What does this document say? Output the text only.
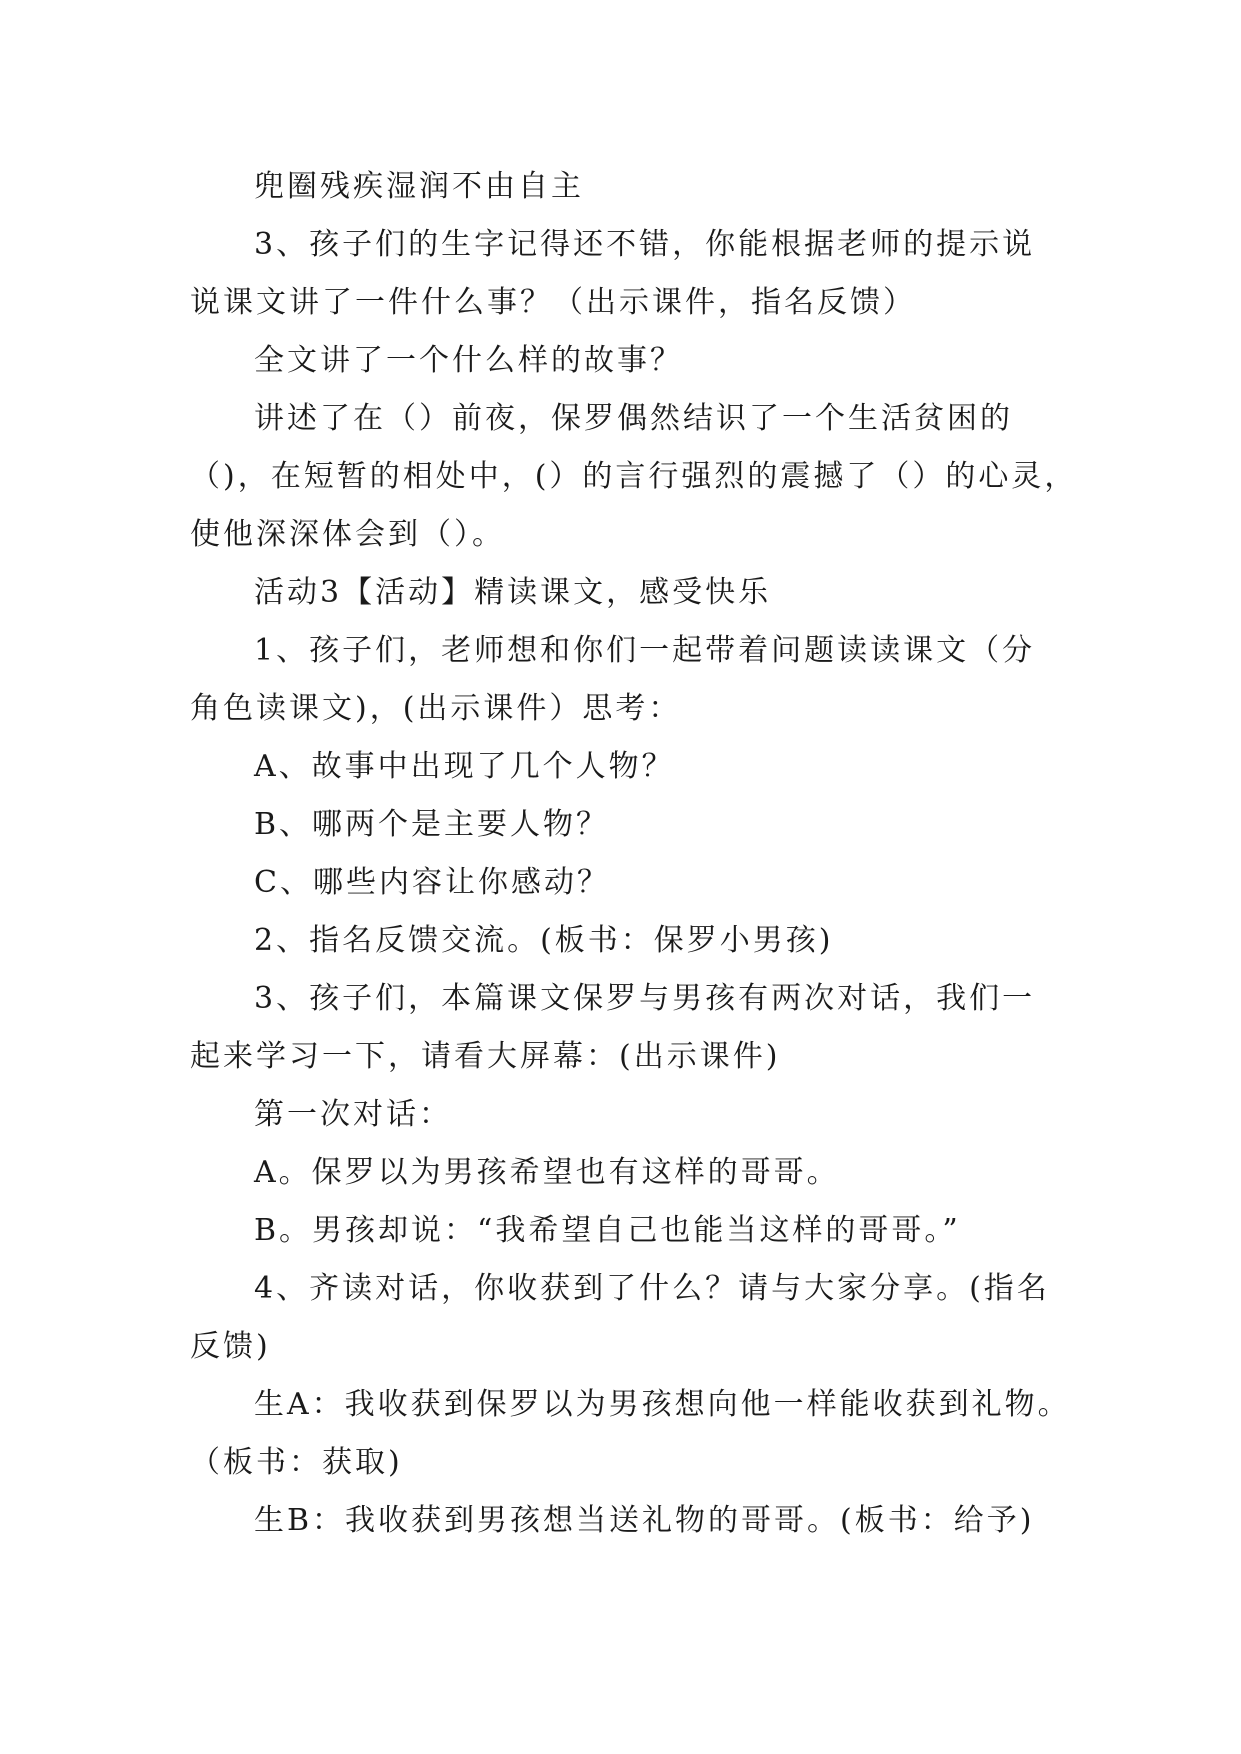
兜圈残疾湿润不由自主
3、孩子们的生字记得还不错，你能根据老师的提示说
说课文讲了一件什么事？（出示课件，指名反馈）
全文讲了一个什么样的故事？
讲述了在（）前夜，保罗偶然结识了一个生活贫困的
（)，在短暂的相处中，(）的言行强烈的震撼了（）的心灵，
使他深深体会到（）。
活动3【活动】精读课文，感受快乐
1、孩子们，老师想和你们一起带着问题读读课文（分
角色读课文)，(出示课件）思考：
A、故事中出现了几个人物？
B、哪两个是主要人物？
C、哪些内容让你感动？
2、指名反馈交流。(板书：保罗小男孩)
3、孩子们，本篇课文保罗与男孩有两次对话，我们一
起来学习一下，请看大屏幕：(出示课件)
第一次对话：
A。保罗以为男孩希望也有这样的哥哥。
B。男孩却说：“我希望自己也能当这样的哥哥。”
4、齐读对话，你收获到了什么？请与大家分享。(指名
反馈)
生A：我收获到保罗以为男孩想向他一样能收获到礼物。
（板书：获取)
生B：我收获到男孩想当送礼物的哥哥。(板书：给予)
